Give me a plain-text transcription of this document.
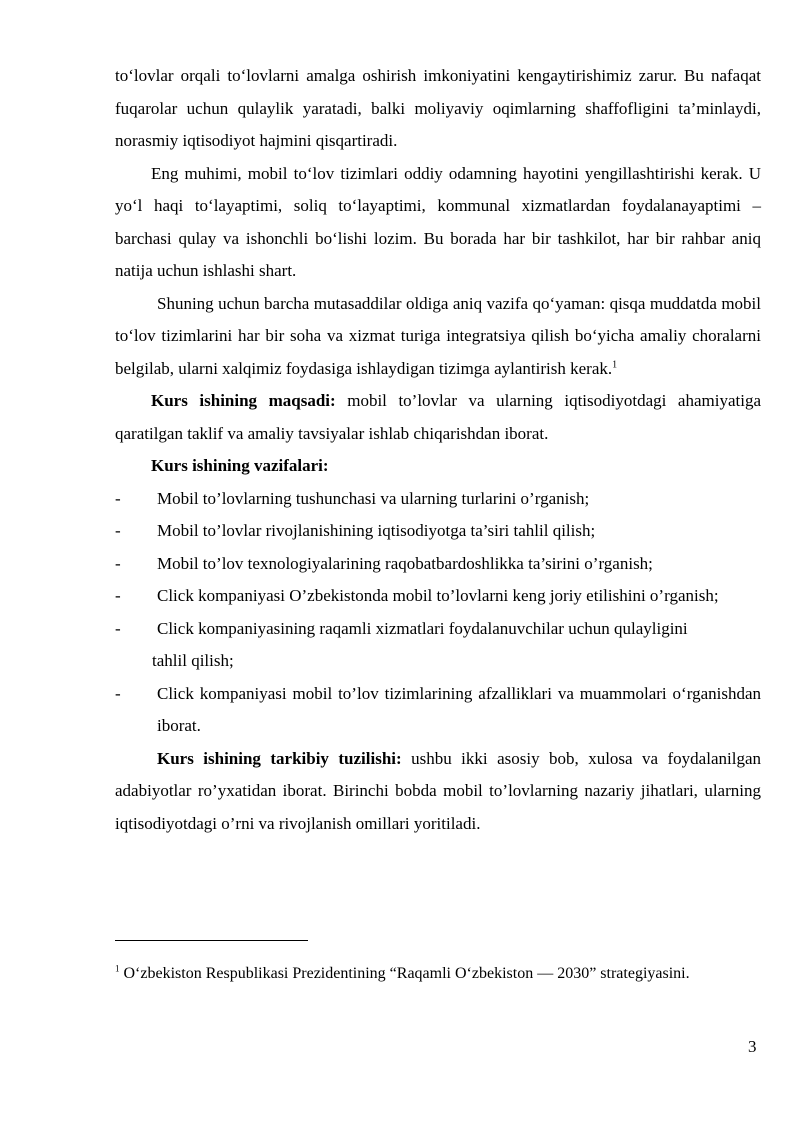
to‘lovlar orqali to‘lovlarni amalga oshirish imkoniyatini kengaytirishimiz zarur. Bu nafaqat fuqarolar uchun qulaylik yaratadi, balki moliyaviy oqimlarning shaffofligini ta’minlaydi, norasmiy iqtisodiyot hajmini qisqartiradi.

Eng muhimi, mobil to‘lov tizimlari oddiy odamning hayotini yengillashtirishi kerak. U yo‘l haqi to‘layaptimi, soliq to‘layaptimi, kommunal xizmatlardan foydalanayaptimi – barchasi qulay va ishonchli bo‘lishi lozim. Bu borada har bir tashkilot, har bir rahbar aniq natija uchun ishlashi shart.

Shuning uchun barcha mutasaddilar oldiga aniq vazifa qo‘yaman: qisqa muddatda mobil to‘lov tizimlarini har bir soha va xizmat turiga integratsiya qilish bo‘yicha amaliy choralarni belgilab, ularni xalqimiz foydasiga ishlaydigan tizimga aylantirish kerak.$^1$

Kurs ishining maqsadi: mobil to’lovlar va ularning iqtisodiyotdagi ahamiyatiga qaratilgan taklif va amaliy tavsiyalar ishlab chiqarishdan iborat.

Kurs ishining vazifalari:

- Mobil to’lovlarning tushunchasi va ularning turlarini o’rganish;
- Mobil to’lovlar rivojlanishining iqtisodiyotga ta’siri tahlil qilish;
- Mobil to’lov texnologiyalarining raqobatbardoshlikka ta’sirini o’rganish;
- Click kompaniyasi O’zbekistonda mobil to’lovlarni keng joriy etilishini o’rganish;
-	Click kompaniyasining raqamli xizmatlari foydalanuvchilar uchun qulayligini
tahlil qilish;
- Click kompaniyasi mobil to’lov tizimlarining afzalliklari va muammolari o‘rganishdan iborat.

Kurs ishining tarkibiy tuzilishi: ushbu ikki asosiy bob, xulosa va foydalanilgan adabiyotlar ro’yxatidan iborat. Birinchi bobda mobil to’lovlarning nazariy jihatlari, ularning iqtisodiyotdagi o’rni va rivojlanish omillari yoritiladi.

$^1$ O‘zbekiston Respublikasi Prezidentining “Raqamli O‘zbekiston — 2030” strategiyasini.
3
